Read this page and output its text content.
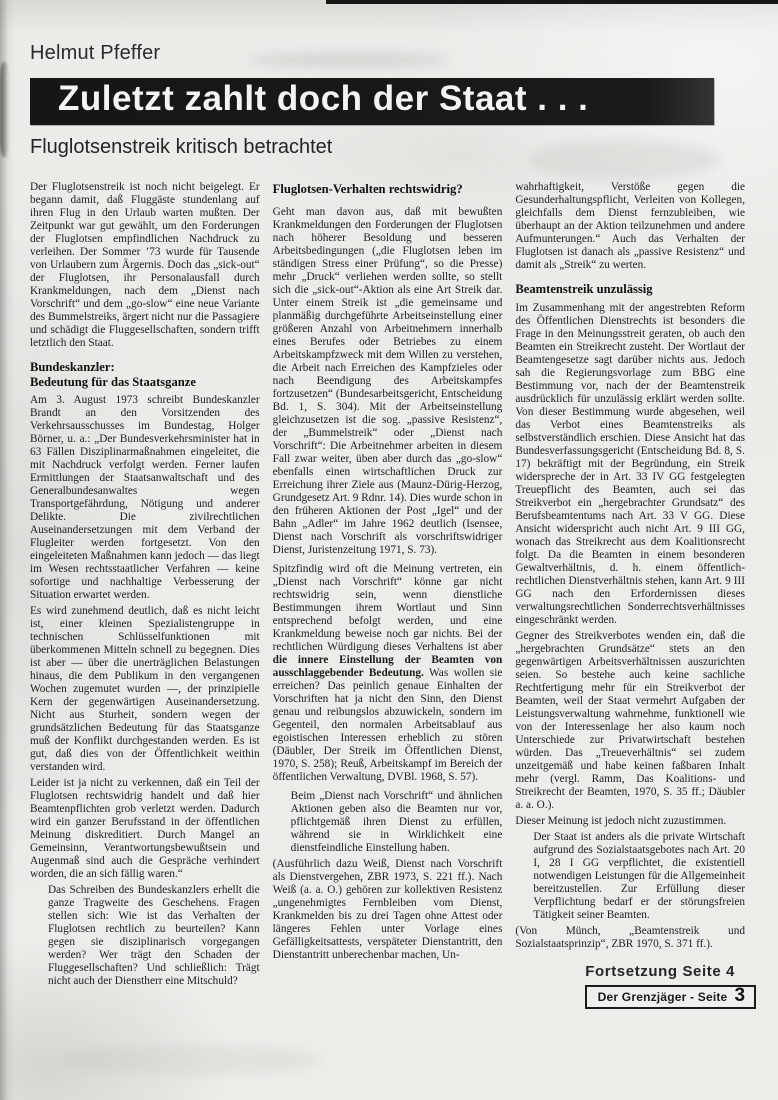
Helmut Pfeffer
Zuletzt zahlt doch der Staat . . .
Fluglotsenstreik kritisch betrachtet

Der Fluglotsenstreik ist noch nicht beigelegt. Er begann damit, daß Fluggäste stundenlang auf ihren Flug in den Urlaub warten mußten. Der Zeitpunkt war gut gewählt, um den Forderungen der Fluglotsen empfindlichen Nachdruck zu verleihen. Der Sommer ’73 wurde für Tausende von Urlaubern zum Ärgernis. Doch das „sick-out“ der Fluglotsen, ihr Personalausfall durch Krankmeldungen, nach dem „Dienst nach Vorschrift“ und dem „go-slow“ eine neue Variante des Bummelstreiks, ärgert nicht nur die Passagiere und schädigt die Fluggesellschaften, sondern trifft letztlich den Staat.

Bundeskanzler:
Bedeutung für das Staatsganze

Am 3. August 1973 schreibt Bundeskanzler Brandt an den Vorsitzenden des Verkehrsausschusses im Bundestag, Holger Börner, u. a.: „Der Bundesverkehrsminister hat in 63 Fällen Disziplinarmaßnahmen eingeleitet, die mit Nachdruck verfolgt werden. Ferner laufen Ermittlungen der Staatsanwaltschaft und des Generalbundesanwaltes wegen Transportgefährdung, Nötigung und anderer Delikte. Die zivilrechtlichen Auseinandersetzungen mit dem Verband der Flugleiter werden fortgesetzt. Von den eingeleiteten Maßnahmen kann jedoch — das liegt im Wesen rechtsstaatlicher Verfahren — keine sofortige und nachhaltige Verbesserung der Situation erwartet werden.

Es wird zunehmend deutlich, daß es nicht leicht ist, einer kleinen Spezialistengruppe in technischen Schlüsselfunktionen mit überkommenen Mitteln schnell zu begegnen. Dies ist aber — über die unerträglichen Belastungen hinaus, die dem Publikum in den vergangenen Wochen zugemutet wurden —, der prinzipielle Kern der gegenwärtigen Auseinandersetzung. Nicht aus Sturheit, sondern wegen der grundsätzlichen Bedeutung für das Staatsganze muß der Konflikt durchgestanden werden. Es ist gut, daß dies von der Öffentlichkeit weithin verstanden wird.

Leider ist ja nicht zu verkennen, daß ein Teil der Fluglotsen rechtswidrig handelt und daß hier Beamtenpflichten grob verletzt werden. Dadurch wird ein ganzer Berufsstand in der öffentlichen Meinung diskreditiert. Durch Mangel an Gemeinsinn, Verantwortungsbewußtsein und Augenmaß sind auch die Gespräche verhindert worden, die an sich fällig waren.“

Das Schreiben des Bundeskanzlers erhellt die ganze Tragweite des Geschehens. Fragen stellen sich: Wie ist das Verhalten der Fluglotsen rechtlich zu beurteilen? Kann gegen sie disziplinarisch vorgegangen werden? Wer trägt den Schaden der Fluggesellschaften? Und schließlich: Trägt nicht auch der Dienstherr eine Mitschuld?

Fluglotsen-Verhalten rechtswidrig?

Geht man davon aus, daß mit bewußten Krankmeldungen den Forderungen der Fluglotsen nach höherer Besoldung und besseren Arbeitsbedingungen („die Fluglotsen leben im ständigen Stress einer Prüfung“, so die Presse) mehr „Druck“ verliehen werden sollte, so stellt sich die „sick-out“-Aktion als eine Art Streik dar. Unter einem Streik ist „die gemeinsame und planmäßig durchgeführte Arbeitseinstellung einer größeren Anzahl von Arbeitnehmern innerhalb eines Berufes oder Betriebes zu einem Arbeitskampfzweck mit dem Willen zu verstehen, die Arbeit nach Erreichen des Kampfzieles oder nach Beendigung des Arbeitskampfes fortzusetzen“ (Bundesarbeitsgericht, Entscheidung Bd. 1, S. 304). Mit der Arbeitseinstellung gleichzusetzen ist die sog. „passive Resistenz“, der „Bummelstreik“ oder „Dienst nach Vorschrift“: Die Arbeitnehmer arbeiten in diesem Fall zwar weiter, üben aber durch das „go-slow“ ebenfalls einen wirtschaftlichen Druck zur Erreichung ihrer Ziele aus (Maunz-Dürig-Herzog, Grundgesetz Art. 9 Rdnr. 14). Dies wurde schon in den früheren Aktionen der Post „Igel“ und der Bahn „Adler“ im Jahre 1962 deutlich (Isensee, Dienst nach Vorschrift als vorschriftswidriger Dienst, Juristenzeitung 1971, S. 73).

Spitzfindig wird oft die Meinung vertreten, ein „Dienst nach Vorschrift“ könne gar nicht rechtswidrig sein, wenn dienstliche Bestimmungen ihrem Wortlaut und Sinn entsprechend befolgt werden, und eine Krankmeldung beweise noch gar nichts. Bei der rechtlichen Würdigung dieses Verhaltens ist aber die innere Einstellung der Beamten von ausschlaggebender Bedeutung. Was wollen sie erreichen? Das peinlich genaue Einhalten der Vorschriften hat ja nicht den Sinn, den Dienst genau und reibungslos abzuwickeln, sondern im Gegenteil, den normalen Arbeitsablauf aus egoistischen Interessen erheblich zu stören (Däubler, Der Streik im Öffentlichen Dienst, 1970, S. 258); Reuß, Arbeitskampf im Bereich der öffentlichen Verwaltung, DVBl. 1968, S. 57).

Beim „Dienst nach Vorschrift“ und ähnlichen Aktionen geben also die Beamten nur vor, pflichtgemäß ihren Dienst zu erfüllen, während sie in Wirklichkeit eine dienstfeindliche Einstellung haben.

(Ausführlich dazu Weiß, Dienst nach Vorschrift als Dienstvergehen, ZBR 1973, S. 221 ff.). Nach Weiß (a. a. O.) gehören zur kollektiven Resistenz „ungenehmigtes Fernbleiben vom Dienst, Krankmelden bis zu drei Tagen ohne Attest oder längeres Fehlen unter Vorlage eines Gefälligkeitsattests, verspäteter Dienstantritt, den Dienstantritt unberechenbar machen, Un-

wahrhaftigkeit, Verstöße gegen die Gesunderhaltungspflicht, Verleiten von Kollegen, gleichfalls dem Dienst fernzubleiben, wie überhaupt an der Aktion teilzunehmen und andere Aufmunterungen.“ Auch das Verhalten der Fluglotsen ist danach als „passive Resistenz“ und damit als „Streik“ zu werten.

Beamtenstreik unzulässig

Im Zusammenhang mit der angestrebten Reform des Öffentlichen Dienstrechts ist besonders die Frage in den Meinungsstreit geraten, ob auch den Beamten ein Streikrecht zusteht. Der Wortlaut der Beamtengesetze sagt darüber nichts aus. Jedoch sah die Regierungsvorlage zum BBG eine Bestimmung vor, nach der der Beamtenstreik ausdrücklich für unzulässig erklärt werden sollte. Von dieser Bestimmung wurde abgesehen, weil das Verbot eines Beamtenstreiks als selbstverständlich erschien. Diese Ansicht hat das Bundesverfassungsgericht (Entscheidung Bd. 8, S. 17) bekräftigt mit der Begründung, ein Streik widerspreche der in Art. 33 IV GG festgelegten Treuepflicht des Beamten, auch sei das Streikverbot ein „hergebrachter Grundsatz“ des Berufsbeamtentums nach Art. 33 V GG. Diese Ansicht widerspricht auch nicht Art. 9 III GG, wonach das Streikrecht aus dem Koalitionsrecht folgt. Da die Beamten in einem besonderen Gewaltverhältnis, d. h. einem öffentlich-rechtlichen Dienstverhältnis stehen, kann Art. 9 III GG nach den Erfordernissen dieses verwaltungsrechtlichen Sonderrechtsverhältnisses eingeschränkt werden.

Gegner des Streikverbotes wenden ein, daß die „hergebrachten Grundsätze“ stets an den gegenwärtigen Arbeitsverhältnissen auszurichten seien. So bestehe auch keine sachliche Rechtfertigung mehr für ein Streikverbot der Beamten, weil der Staat vermehrt Aufgaben der Leistungsverwaltung wahrnehme, funktionell wie von der Interessenlage her also kaum noch Unterschiede zur Privatwirtschaft bestehen würden. Das „Treueverhältnis“ sei zudem unzeitgemäß und habe keinen faßbaren Inhalt mehr (vergl. Ramm, Das Koalitions- und Streikrecht der Beamten, 1970, S. 35 ff.; Däubler a. a. O.).

Dieser Meinung ist jedoch nicht zuzustimmen.

Der Staat ist anders als die private Wirtschaft aufgrund des Sozialstaatsgebotes nach Art. 20 I, 28 I GG verpflichtet, die existentiell notwendigen Leistungen für die Allgemeinheit bereitzustellen. Zur Erfüllung dieser Verpflichtung bedarf er der störungsfreien Tätigkeit seiner Beamten.

(Von Münch, „Beamtenstreik und Sozialstaatsprinzip“, ZBR 1970, S. 371 ff.).

Fortsetzung Seite 4
Der Grenzjäger - Seite 3
